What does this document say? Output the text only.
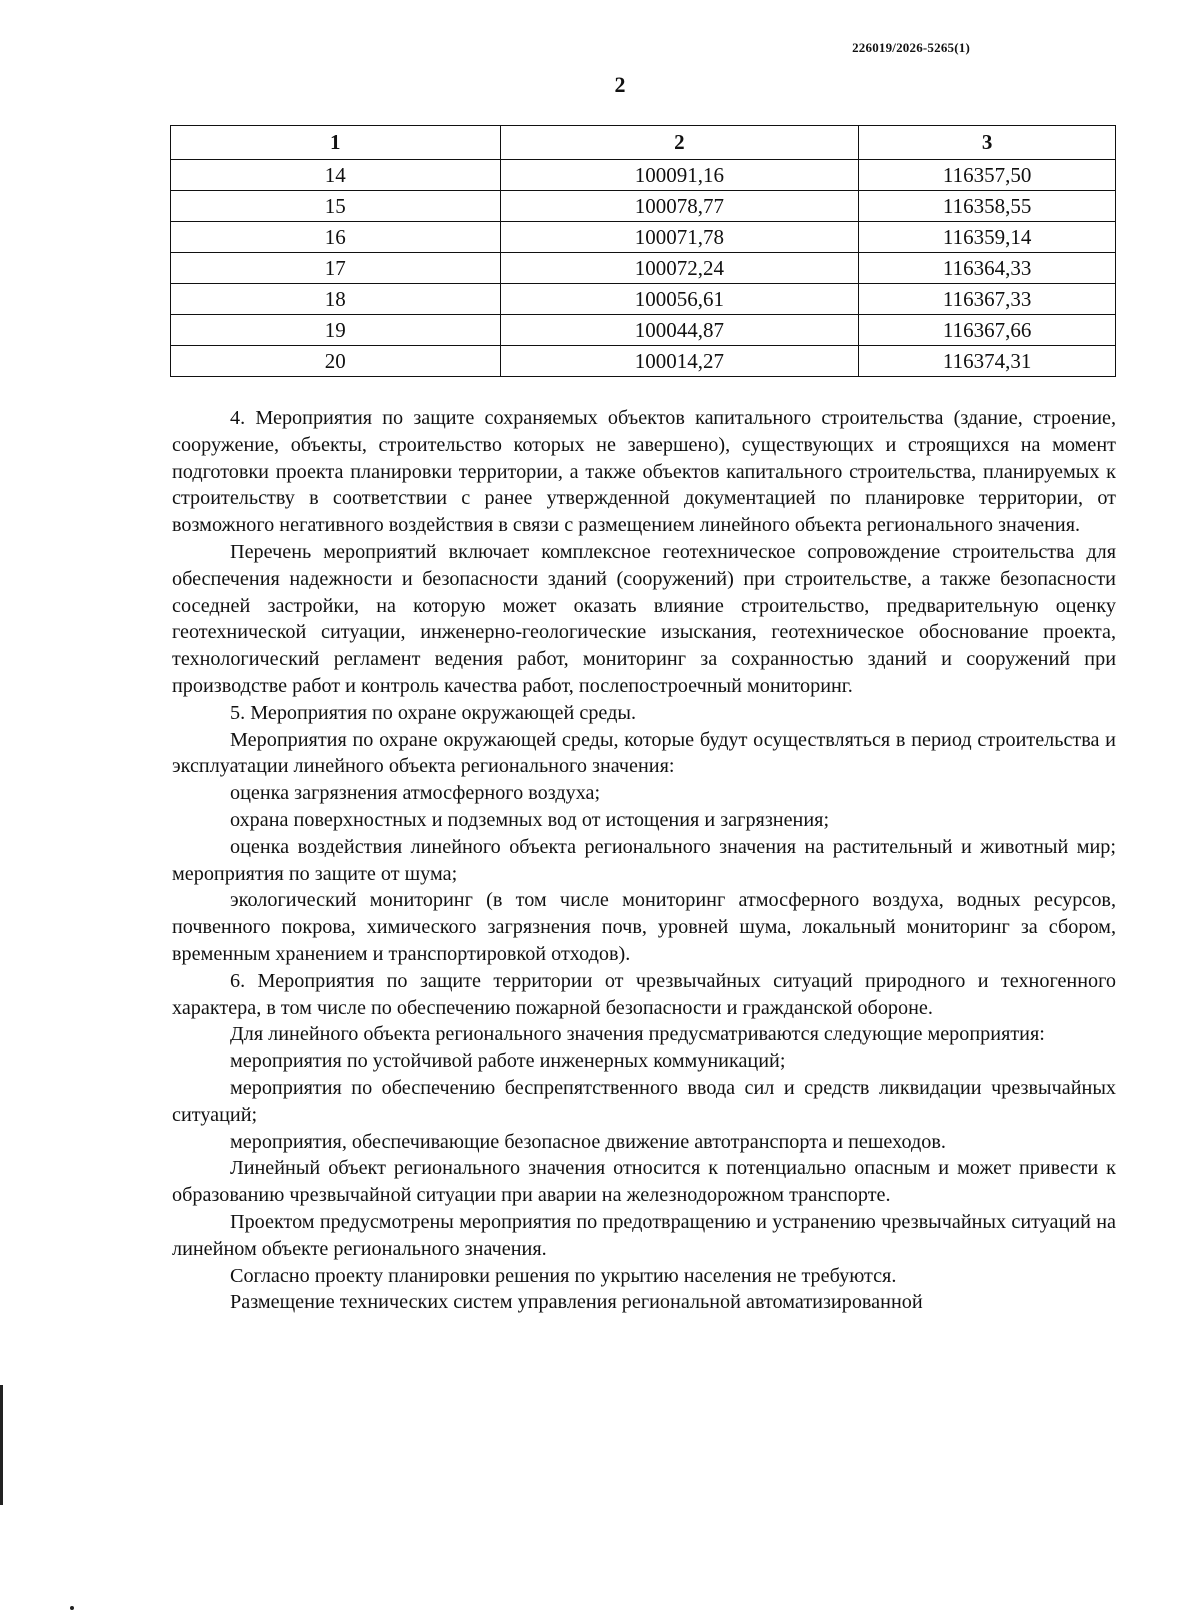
226019/2026-5265(1)
2
1	2	3
14	100091,16	116357,50
15	100078,77	116358,55
16	100071,78	116359,14
17	100072,24	116364,33
18	100056,61	116367,33
19	100044,87	116367,66
20	100014,27	116374,31

4. Мероприятия по защите сохраняемых объектов капитального строительства (здание, строение, сооружение, объекты, строительство которых не завершено), существующих и строящихся на момент подготовки проекта планировки территории, а также объектов капитального строительства, планируемых к строительству в соответствии с ранее утвержденной документацией по планировке территории, от возможного негативного воздействия в связи с размещением линейного объекта регионального значения.

Перечень мероприятий включает комплексное геотехническое сопровождение строительства для обеспечения надежности и безопасности зданий (сооружений) при строительстве, а также безопасности соседней застройки, на которую может оказать влияние строительство, предварительную оценку геотехнической ситуации, инженерно-геологические изыскания, геотехническое обоснование проекта, технологический регламент ведения работ, мониторинг за сохранностью зданий и сооружений при производстве работ и контроль качества работ, послепостроечный мониторинг.

5. Мероприятия по охране окружающей среды.

Мероприятия по охране окружающей среды, которые будут осуществляться в период строительства и эксплуатации линейного объекта регионального значения:

оценка загрязнения атмосферного воздуха;

охрана поверхностных и подземных вод от истощения и загрязнения;

оценка воздействия линейного объекта регионального значения на растительный и животный мир; мероприятия по защите от шума;

экологический мониторинг (в том числе мониторинг атмосферного воздуха, водных ресурсов, почвенного покрова, химического загрязнения почв, уровней шума, локальный мониторинг за сбором, временным хранением и транспортировкой отходов).

6. Мероприятия по защите территории от чрезвычайных ситуаций природного и техногенного характера, в том числе по обеспечению пожарной безопасности и гражданской обороне.

Для линейного объекта регионального значения предусматриваются следующие мероприятия:

мероприятия по устойчивой работе инженерных коммуникаций;

мероприятия по обеспечению беспрепятственного ввода сил и средств ликвидации чрезвычайных ситуаций;

мероприятия, обеспечивающие безопасное движение автотранспорта и пешеходов.

Линейный объект регионального значения относится к потенциально опасным и может привести к образованию чрезвычайной ситуации при аварии на железнодорожном транспорте.

Проектом предусмотрены мероприятия по предотвращению и устранению чрезвычайных ситуаций на линейном объекте регионального значения.

Согласно проекту планировки решения по укрытию населения не требуются.

Размещение технических систем управления региональной автоматизированной
